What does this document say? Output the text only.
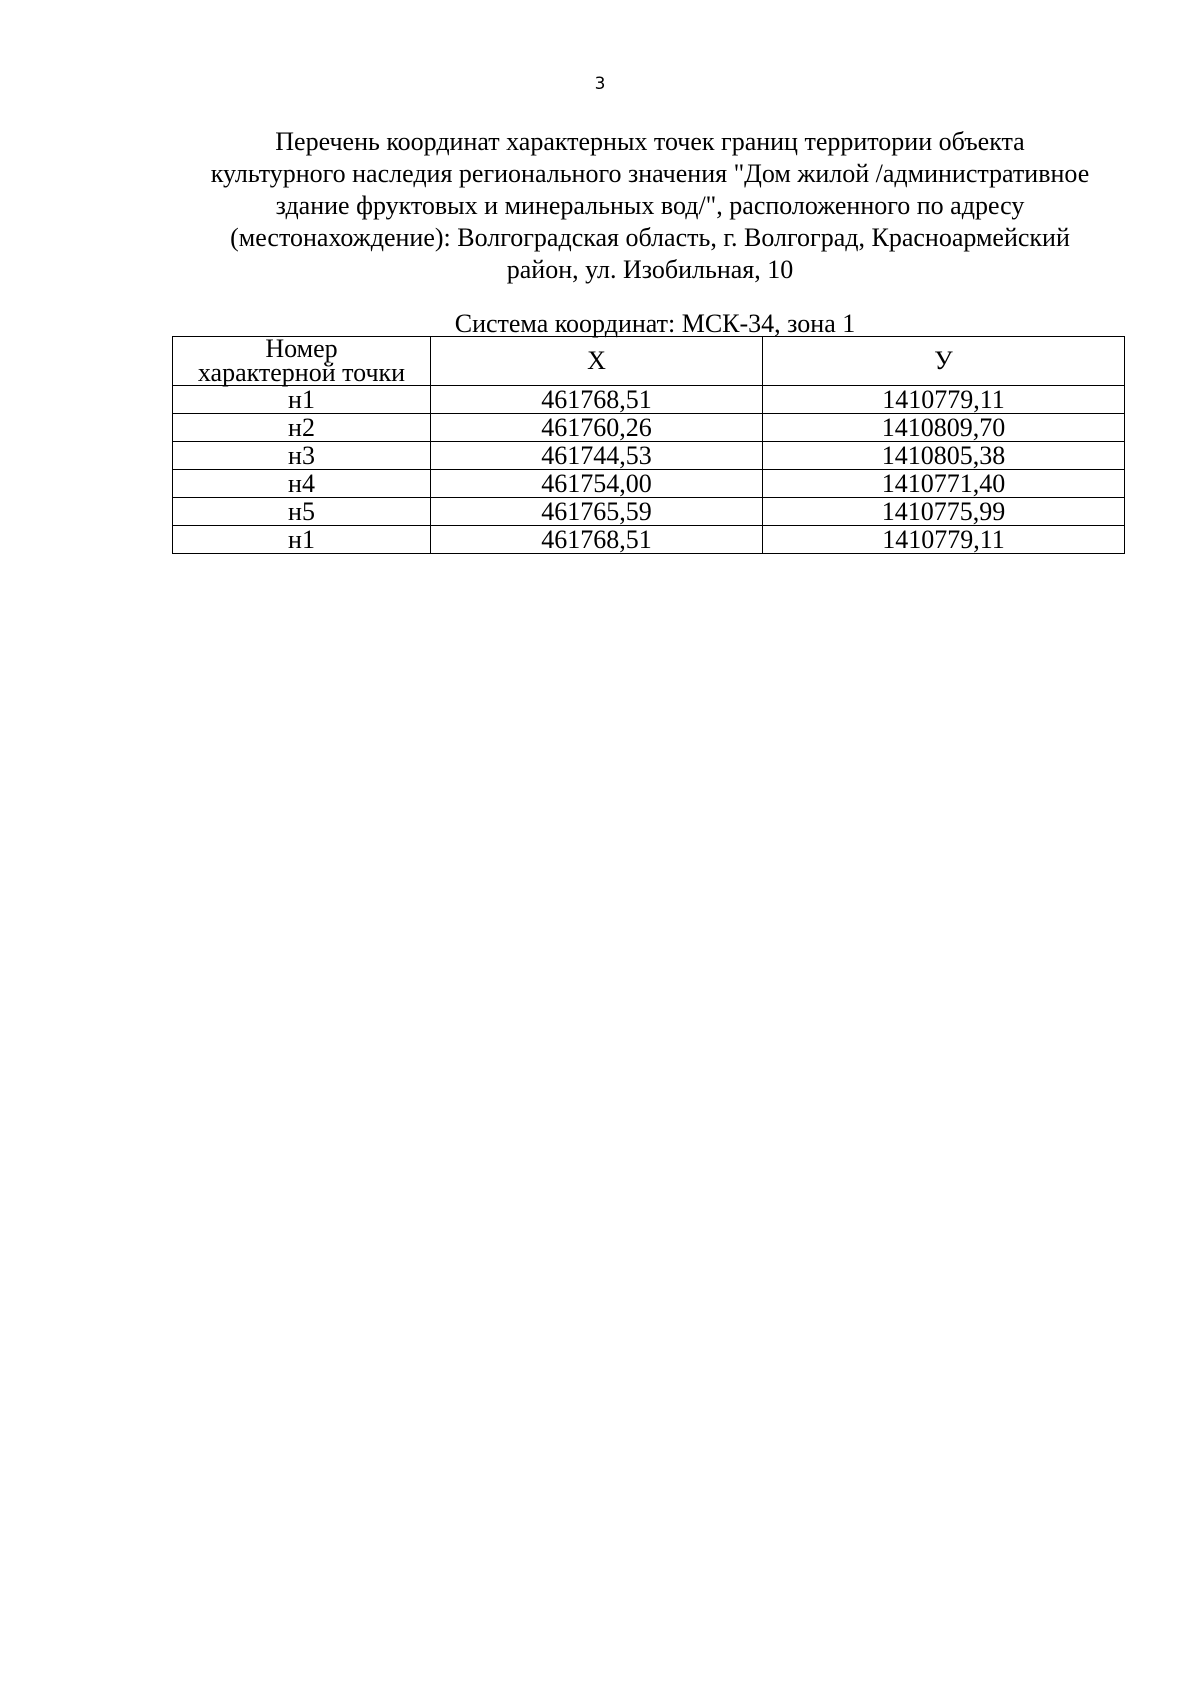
3
Перечень координат характерных точек границ территории объекта
культурного наследия регионального значения "Дом жилой /административное
здание фруктовых и минеральных вод/", расположенного по адресу
(местонахождение): Волгоградская область, г. Волгоград, Красноармейский
район, ул. Изобильная, 10
Система координат: МСК-34, зона 1
Номер
характерной точки	X	У
н1	461768,51	1410779,11
н2	461760,26	1410809,70
н3	461744,53	1410805,38
н4	461754,00	1410771,40
н5	461765,59	1410775,99
н1	461768,51	1410779,11
